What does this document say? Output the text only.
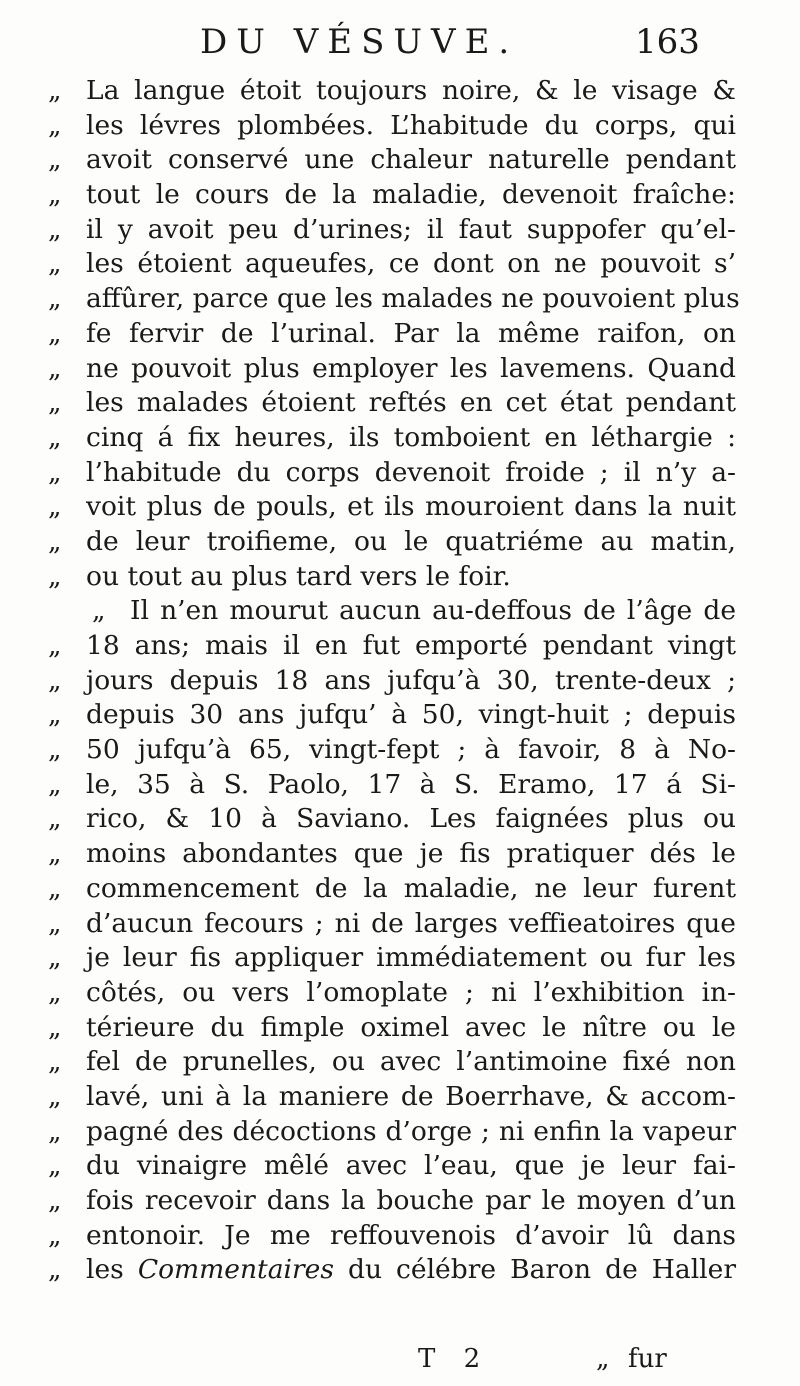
DU VÉSUVE.	163
„ La langue étoit toujours noire, & le visage &
„ les lévres plombées. L’habitude du corps, qui
„ avoit conservé une chaleur naturelle pendant
„ tout le cours de la maladie, devenoit fraîche:
„ il y avoit peu d’urines; il faut suppofer qu’el-
„ les étoient aqueufes, ce dont on ne pouvoit s’
„ affûrer, parce que les malades ne pouvoient plus
„ fe fervir de l’urinal. Par la même raifon, on
„ ne pouvoit plus employer les lavemens. Quand
„ les malades étoient reftés en cet état pendant
„ cinq á fix heures, ils tomboient en léthargie :
„ l’habitude du corps devenoit froide ; il n’y a-
„ voit plus de pouls, et ils mouroient dans la nuit
„ de leur troifieme, ou le quatriéme au matin,
„ ou tout au plus tard vers le foir.
„ Il n’en mourut aucun au-deffous de l’âge de
„ 18 ans; mais il en fut emporté pendant vingt
„ jours depuis 18 ans jufqu’à 30, trente-deux ;
„ depuis 30 ans jufqu’ à 50, vingt-huit ; depuis
„ 50 jufqu’à 65, vingt-fept ; à favoir, 8 à No-
„ le, 35 à S. Paolo, 17 à S. Eramo, 17 á Si-
„ rico, & 10 à Saviano. Les faignées plus ou
„ moins abondantes que je fis pratiquer dés le
„ commencement de la maladie, ne leur furent
„ d’aucun fecours ; ni de larges veffieatoires que
„ je leur fis appliquer immédiatement ou fur les
„ côtés, ou vers l’omoplate ; ni l’exhibition in-
„ térieure du fimple oximel avec le nître ou le
„ fel de prunelles, ou avec l’antimoine fixé non
„ lavé, uni à la maniere de Boerrhave, & accom-
„ pagné des décoctions d’orge ; ni enfin la vapeur
„ du vinaigre mêlé avec l’eau, que je leur fai-
„ fois recevoir dans la bouche par le moyen d’un
„ entonoir. Je me reffouvenois d’avoir lû dans
„ les Commentaires du célébre Baron de Haller
T 2	„ fur
